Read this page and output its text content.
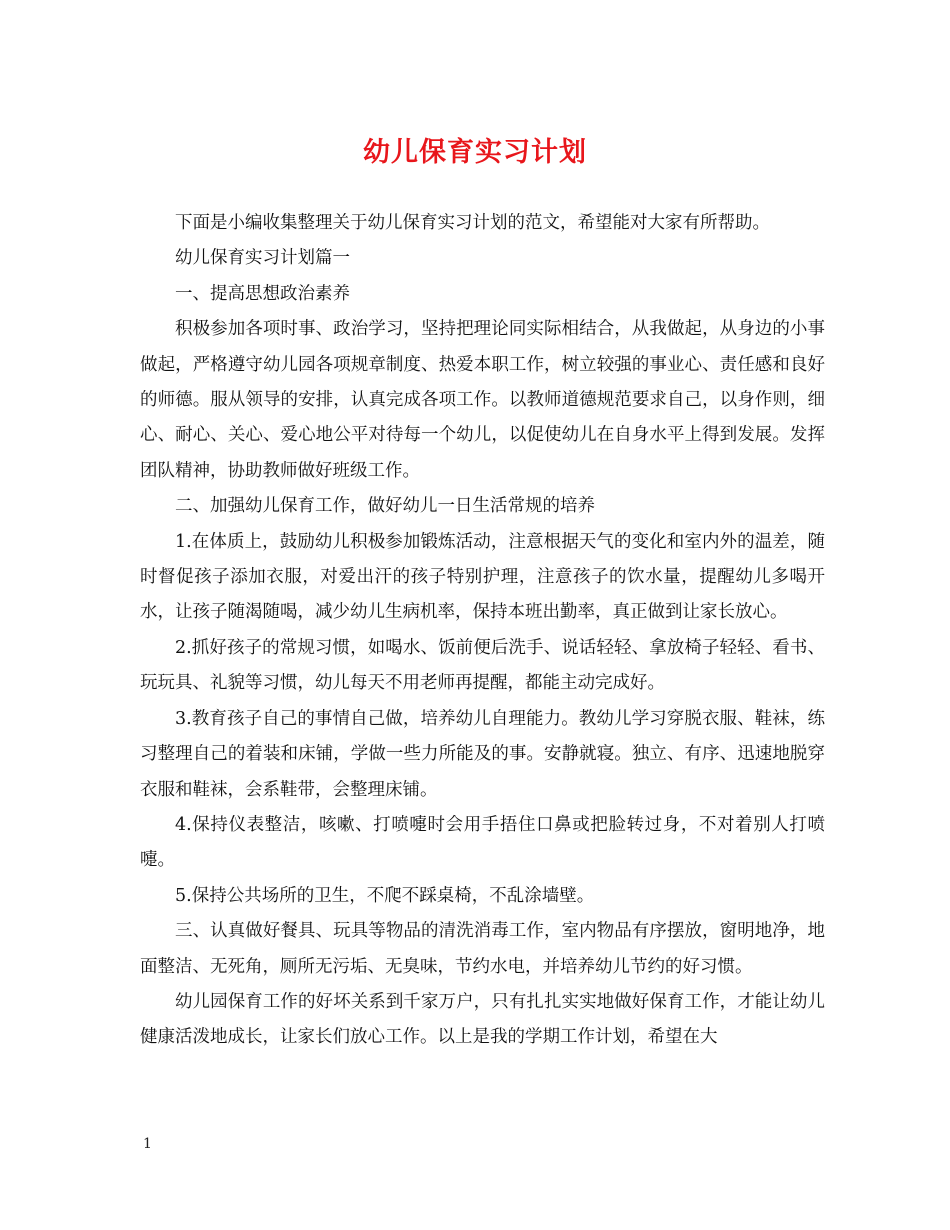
幼儿保育实习计划

下面是小编收集整理关于幼儿保育实习计划的范文，希望能对大家有所帮助。

幼儿保育实习计划篇一

一、提高思想政治素养

积极参加各项时事、政治学习，坚持把理论同实际相结合，从我做起，从身边的小事做起，严格遵守幼儿园各项规章制度、热爱本职工作，树立较强的事业心、责任感和良好的师德。服从领导的安排，认真完成各项工作。以教师道德规范要求自己，以身作则，细心、耐心、关心、爱心地公平对待每一个幼儿，以促使幼儿在自身水平上得到发展。发挥团队精神，协助教师做好班级工作。

二、加强幼儿保育工作，做好幼儿一日生活常规的培养

1.在体质上，鼓励幼儿积极参加锻炼活动，注意根据天气的变化和室内外的温差，随时督促孩子添加衣服，对爱出汗的孩子特别护理，注意孩子的饮水量，提醒幼儿多喝开水，让孩子随渴随喝，减少幼儿生病机率，保持本班出勤率，真正做到让家长放心。

2.抓好孩子的常规习惯，如喝水、饭前便后洗手、说话轻轻、拿放椅子轻轻、看书、玩玩具、礼貌等习惯，幼儿每天不用老师再提醒，都能主动完成好。

3.教育孩子自己的事情自己做，培养幼儿自理能力。教幼儿学习穿脱衣服、鞋袜，练习整理自己的着装和床铺，学做一些力所能及的事。安静就寝。独立、有序、迅速地脱穿衣服和鞋袜，会系鞋带，会整理床铺。

4.保持仪表整洁，咳嗽、打喷嚏时会用手捂住口鼻或把脸转过身，不对着别人打喷嚏。

5.保持公共场所的卫生，不爬不踩桌椅，不乱涂墙壁。

三、认真做好餐具、玩具等物品的清洗消毒工作，室内物品有序摆放，窗明地净，地面整洁、无死角，厕所无污垢、无臭味，节约水电，并培养幼儿节约的好习惯。

幼儿园保育工作的好坏关系到千家万户，只有扎扎实实地做好保育工作，才能让幼儿健康活泼地成长，让家长们放心工作。以上是我的学期工作计划，希望在大

1
